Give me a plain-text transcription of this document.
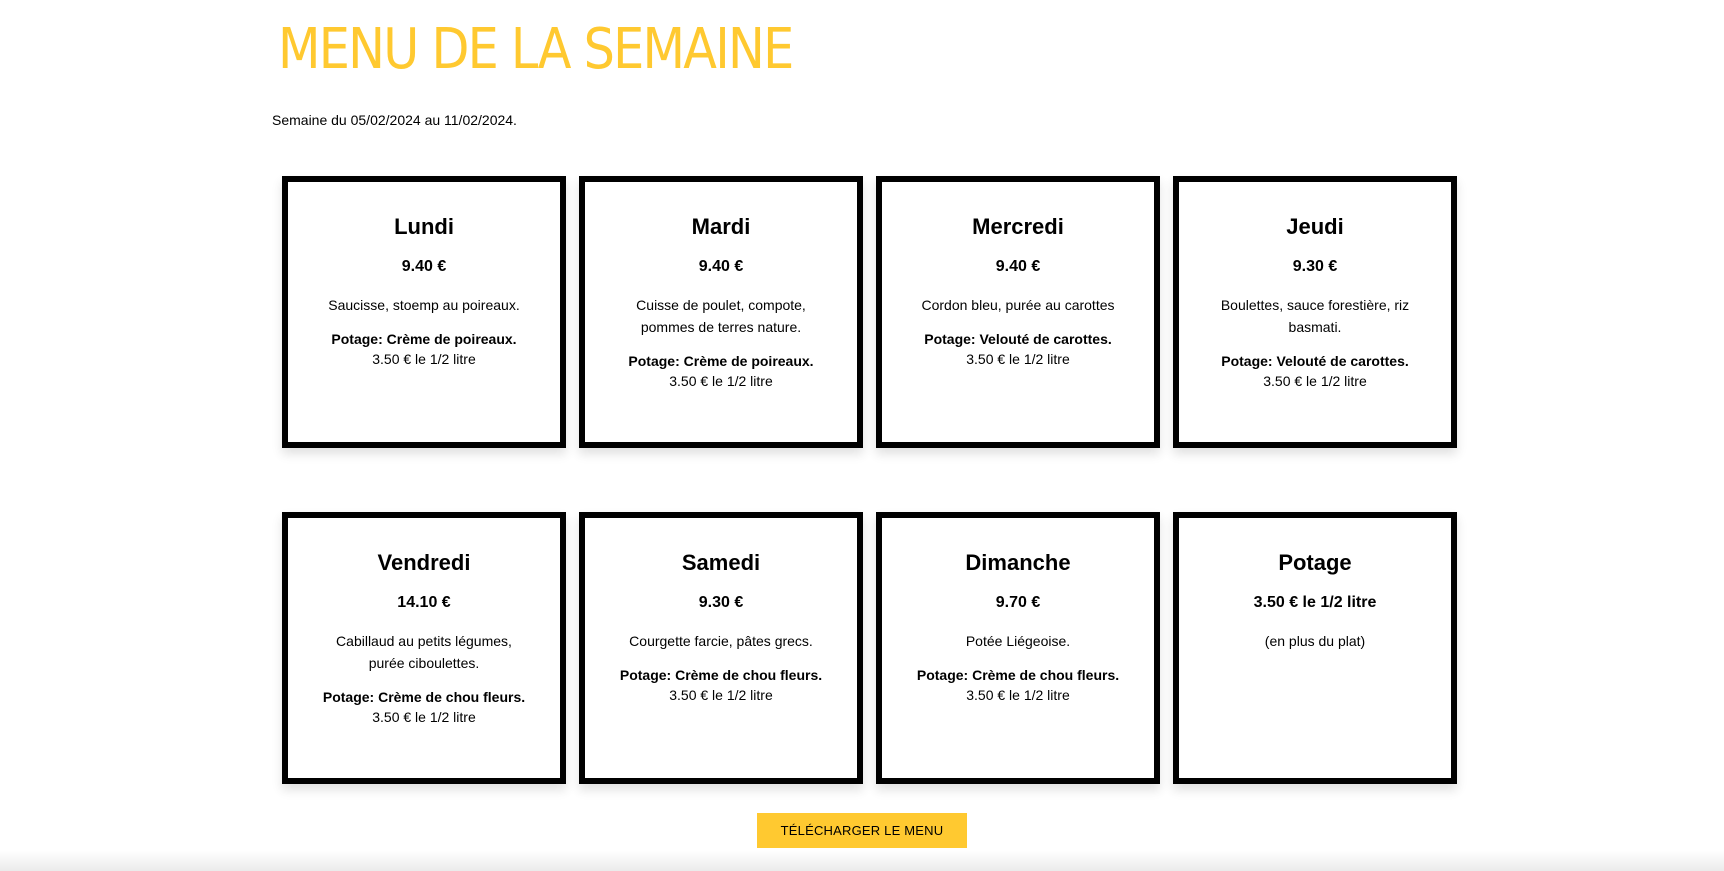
MENU DE LA SEMAINE
Semaine du 05/02/2024 au 11/02/2024.
Lundi
9.40 €
Saucisse, stoemp au poireaux.
Potage: Crème de poireaux.
3.50 € le 1/2 litre
Mardi
9.40 €
Cuisse de poulet, compote, pommes de terres nature.
Potage: Crème de poireaux.
3.50 € le 1/2 litre
Mercredi
9.40 €
Cordon bleu, purée au carottes
Potage: Velouté de carottes.
3.50 € le 1/2 litre
Jeudi
9.30 €
Boulettes, sauce forestière, riz basmati.
Potage: Velouté de carottes.
3.50 € le 1/2 litre
Vendredi
14.10 €
Cabillaud au petits légumes, purée ciboulettes.
Potage: Crème de chou fleurs.
3.50 € le 1/2 litre
Samedi
9.30 €
Courgette farcie, pâtes grecs.
Potage: Crème de chou fleurs.
3.50 € le 1/2 litre
Dimanche
9.70 €
Potée Liégeoise.
Potage: Crème de chou fleurs.
3.50 € le 1/2 litre
Potage
3.50 € le 1/2 litre
(en plus du plat)
TÉLÉCHARGER LE MENU
